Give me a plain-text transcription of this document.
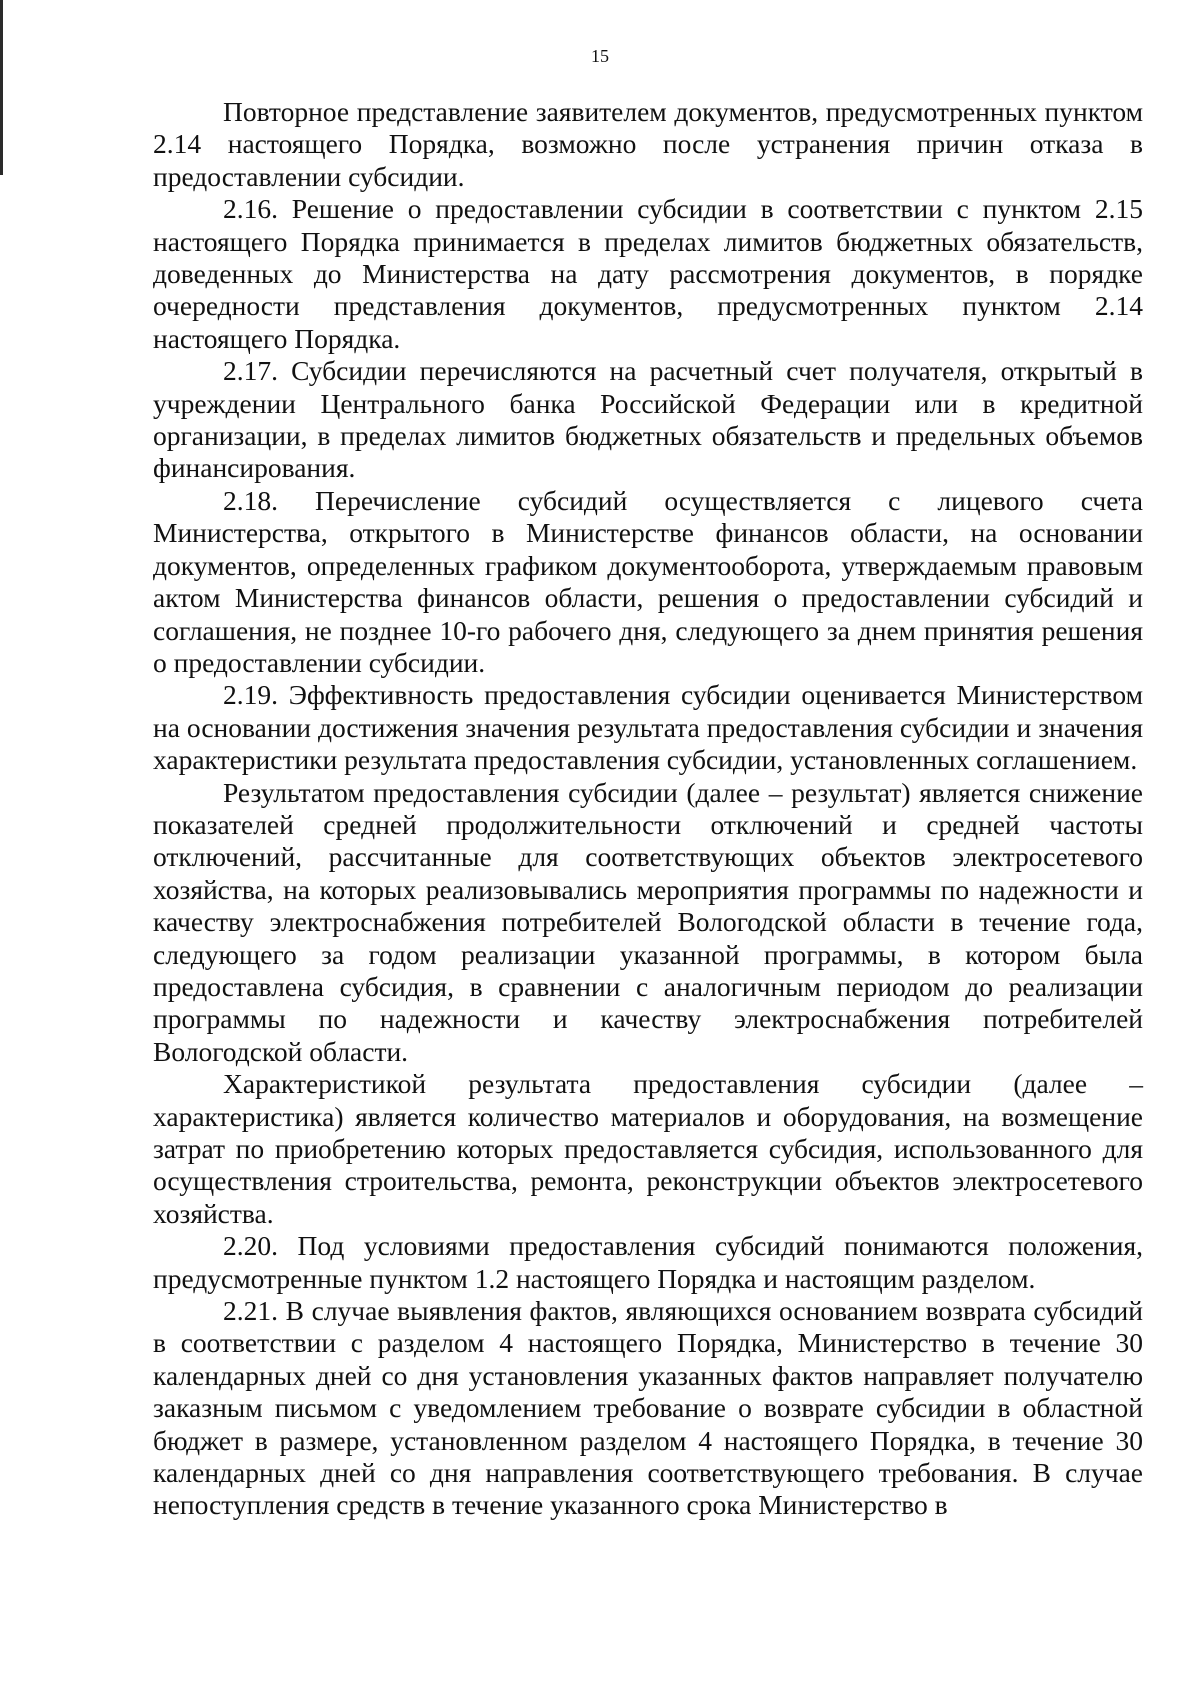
15

Повторное представление заявителем документов, предусмотренных пунктом 2.14 настоящего Порядка, возможно после устранения причин отказа в предоставлении субсидии.

2.16. Решение о предоставлении субсидии в соответствии с пунктом 2.15 настоящего Порядка принимается в пределах лимитов бюджетных обязательств, доведенных до Министерства на дату рассмотрения документов, в порядке очередности представления документов, предусмотренных пунктом 2.14 настоящего Порядка.

2.17. Субсидии перечисляются на расчетный счет получателя, открытый в учреждении Центрального банка Российской Федерации или в кредитной организации, в пределах лимитов бюджетных обязательств и предельных объемов финансирования.

2.18. Перечисление субсидий осуществляется с лицевого счета Министерства, открытого в Министерстве финансов области, на основании документов, определенных графиком документооборота, утверждаемым правовым актом Министерства финансов области, решения о предоставлении субсидий и соглашения, не позднее 10-го рабочего дня, следующего за днем принятия решения о предоставлении субсидии.

2.19. Эффективность предоставления субсидии оценивается Министерством на основании достижения значения результата предоставления субсидии и значения характеристики результата предоставления субсидии, установленных соглашением.

Результатом предоставления субсидии (далее – результат) является снижение показателей средней продолжительности отключений и средней частоты отключений, рассчитанные для соответствующих объектов электросетевого хозяйства, на которых реализовывались мероприятия программы по надежности и качеству электроснабжения потребителей Вологодской области в течение года, следующего за годом реализации указанной программы, в котором была предоставлена субсидия, в сравнении с аналогичным периодом до реализации программы по надежности и качеству электроснабжения потребителей Вологодской области.

Характеристикой результата предоставления субсидии (далее – характеристика) является количество материалов и оборудования, на возмещение затрат по приобретению которых предоставляется субсидия, использованного для осуществления строительства, ремонта, реконструкции объектов электросетевого хозяйства.

2.20. Под условиями предоставления субсидий понимаются положения, предусмотренные пунктом 1.2 настоящего Порядка и настоящим разделом.

2.21. В случае выявления фактов, являющихся основанием возврата субсидий в соответствии с разделом 4 настоящего Порядка, Министерство в течение 30 календарных дней со дня установления указанных фактов направляет получателю заказным письмом с уведомлением требование о возврате субсидии в областной бюджет в размере, установленном разделом 4 настоящего Порядка, в течение 30 календарных дней со дня направления соответствующего требования. В случае непоступления средств в течение указанного срока Министерство в
